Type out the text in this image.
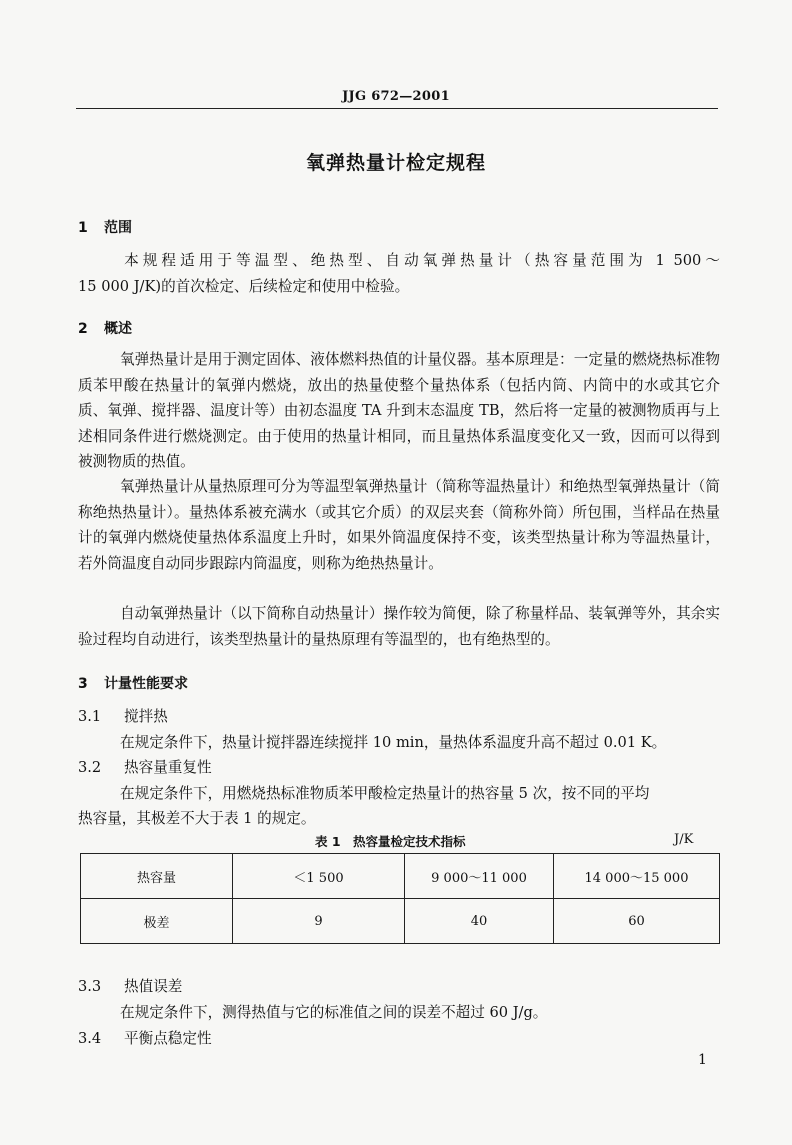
JJG 672—2001
氧弹热量计检定规程
1 范围
本规程适用于等温型、绝热型、自动氧弹热量计（热容量范围为 1 500～
15 000 J/K)的首次检定、后续检定和使用中检验。
2 概述
氧弹热量计是用于测定固体、液体燃料热值的计量仪器。基本原理是：一定量的燃烧热标准物质苯甲酸在热量计的氧弹内燃烧，放出的热量使整个量热体系（包括内筒、内筒中的水或其它介质、氧弹、搅拌器、温度计等）由初态温度 TA 升到末态温度 TB，然后将一定量的被测物质再与上述相同条件进行燃烧测定。由于使用的热量计相同，而且量热体系温度变化又一致，因而可以得到被测物质的热值。
氧弹热量计从量热原理可分为等温型氧弹热量计（简称等温热量计）和绝热型氧弹热量计（简称绝热热量计）。量热体系被充满水（或其它介质）的双层夹套（简称外筒）所包围，当样品在热量计的氧弹内燃烧使量热体系温度上升时，如果外筒温度保持不变，该类型热量计称为等温热量计，若外筒温度自动同步跟踪内筒温度，则称为绝热热量计。
自动氧弹热量计（以下简称自动热量计）操作较为简便，除了称量样品、装氧弹等外，其余实验过程均自动进行，该类型热量计的量热原理有等温型的，也有绝热型的。
3 计量性能要求
3.1 搅拌热
在规定条件下，热量计搅拌器连续搅拌 10 min，量热体系温度升高不超过 0.01 K。
3.2 热容量重复性
在规定条件下，用燃烧热标准物质苯甲酸检定热量计的热容量 5 次，按不同的平均
热容量，其极差不大于表 1 的规定。
表 1　热容量检定技术指标	J/K
热容量	＜1 500	9 000～11 000	14 000～15 000
极差	9	40	60
3.3 热值误差
在规定条件下，测得热值与它的标准值之间的误差不超过 60 J/g。
3.4 平衡点稳定性
1
